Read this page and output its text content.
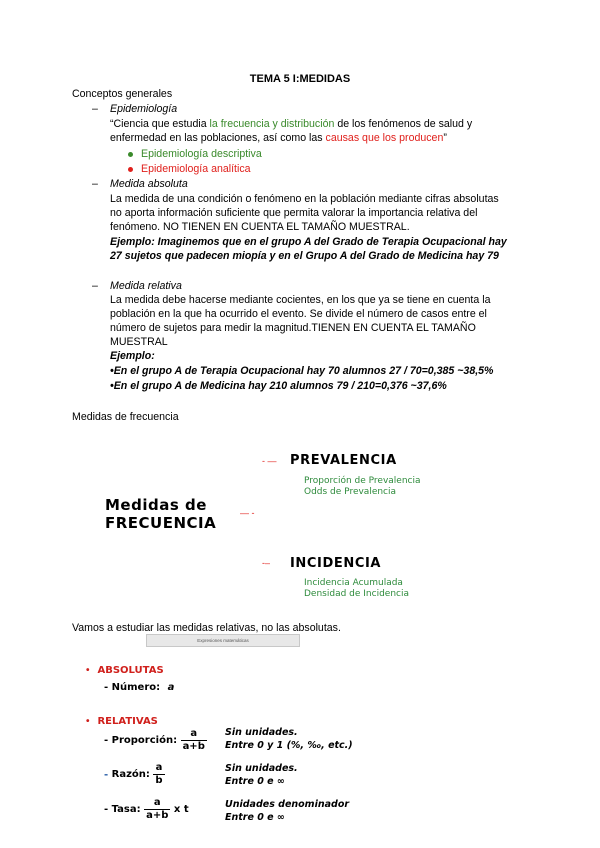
TEMA 5 I:MEDIDAS
Conceptos generales
– Epidemiología
“Ciencia que estudia la frecuencia y distribución de los fenómenos de salud y
enfermedad en las poblaciones, así como las causas que los producen”
Epidemiología descriptiva
Epidemiología analítica
– Medida absoluta
La medida de una condición o fenómeno en la población mediante cifras absolutas
no aporta información suficiente que permita valorar la importancia relativa del
fenómeno. NO TIENEN EN CUENTA EL TAMAÑO MUESTRAL.
Ejemplo: Imaginemos que en el grupo A del Grado de Terapia Ocupacional hay
27 sujetos que padecen miopía y en el Grupo A del Grado de Medicina hay 79
– Medida relativa
La medida debe hacerse mediante cocientes, en los que ya se tiene en cuenta la
población en la que ha ocurrido el evento. Se divide el número de casos entre el
número de sujetos para medir la magnitud.TIENEN EN CUENTA EL TAMAÑO
MUESTRAL
Ejemplo:
•En el grupo A de Terapia Ocupacional hay 70 alumnos 27 / 70=0,385 ~38,5%
•En el grupo A de Medicina hay 210 alumnos 79 / 210=0,376 ~37,6%
Medidas de frecuencia
Medidas de
FRECUENCIA
- —
— -
-–
PREVALENCIA
Proporción de Prevalencia
Odds de Prevalencia
INCIDENCIA
Incidencia Acumulada
Densidad de Incidencia
Vamos a estudiar las medidas relativas, no las absolutas.
Expresiones matemáticas
• ABSOLUTAS
- Número: a
• RELATIVAS
- Proporción: $\frac{a}{a+b}$ Sin unidades.
Entre 0 y 1 (%, ‰, etc.)
- Razón: $\frac{a}{b}$	Sin unidades.
Entre 0 e ∞
- Tasa: $\frac{a}{a+b}$ x t	Unidades denominador
Entre 0 e ∞
